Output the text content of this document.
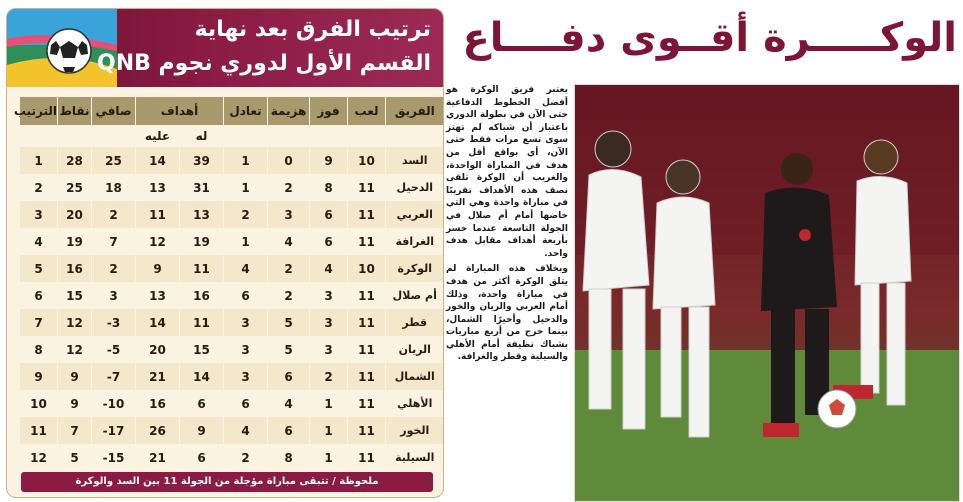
ترتيب الفرق بعد نهاية
القسم الأول لدوري نجوم QNB
الفريق	لعب	فوز	هزيمة	تعادل	أهداف		صافي	نقاط	الترتيب
					له	عليه			
السد	10	9	0	1	39	14	25	28	1
الدحيل	11	8	2	1	31	13	18	25	2
العربي	11	6	3	2	13	11	2	20	3
الغرافة	11	6	4	1	19	12	7	19	4
الوكرة	10	4	2	4	11	9	2	16	5
أم صلال	11	3	2	6	16	13	3	15	6
قطر	11	3	5	3	11	14	3-	12	7
الريان	11	3	5	3	15	20	5-	12	8
الشمال	11	2	6	3	14	21	7-	9	9
الأهلي	11	1	4	6	6	16	10-	9	10
الخور	11	1	6	4	9	26	17-	7	11
السيلية	11	1	8	2	6	21	15-	5	12
ملحوظة / تتبقى مباراة مؤجلة من الجولة 11 بين السد والوكرة
الوكـــــرة أقــوى دفــــاع

يعتبر فريق الوكرة هو أفضل الخطوط الدفاعية حتى الآن في بطولة الدوري باعتبار أن شباكه لم تهتز سوى تسع مرات فقط حتى الآن، أي بواقع أقل من هدف في المباراة الواحدة، والغريب أن الوكرة تلقى نصف هذه الأهداف تقريبًا في مباراة واحدة وهي التي خاضها أمام أم صلال في الجولة التاسعة عندما خسر بأربعة أهداف مقابل هدف واحد.

وبخلاف هذه المباراة لم يتلق الوكرة أكثر من هدف في مباراة واحدة، وذلك أمام العربي والريان والخور والدحيل وأخيرًا الشمال، بينما خرج من أربع مباريات بشباك نظيفة أمام الأهلي والسيلية وقطر والغرافة.
